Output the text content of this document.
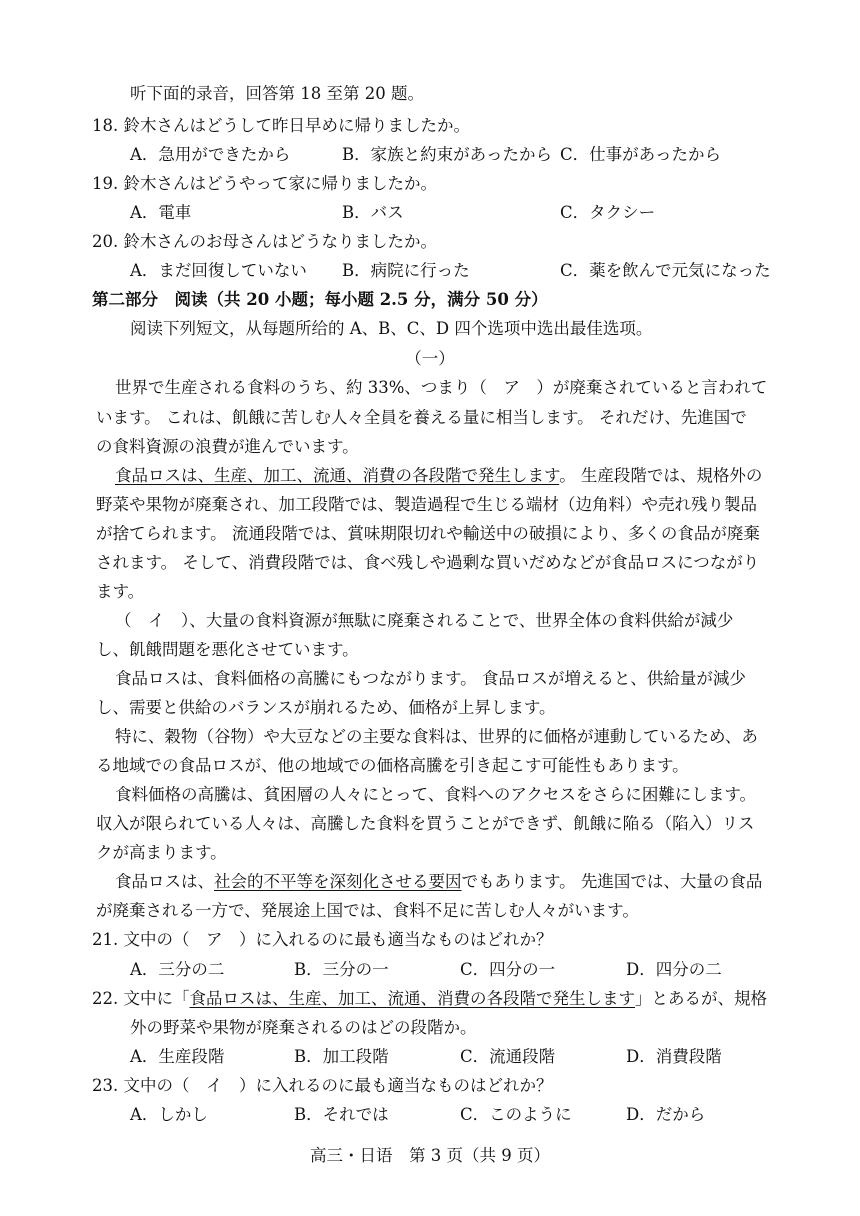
听下面的录音，回答第 18 至第 20 题。
18. 鈴木さんはどうして昨日早めに帰りましたか。
A．急用ができたから	B．家族と約束があったから C．仕事があったから
19. 鈴木さんはどうやって家に帰りましたか。
A．電車	B．バス	C．タクシー
20. 鈴木さんのお母さんはどうなりましたか。
A．まだ回復していない B．病院に行った	C．薬を飲んで元気になった
第二部分　阅读（共 20 小题；每小题 2.5 分，满分 50 分）
阅读下列短文，从每题所给的 A、B、C、D 四个选项中选出最佳选项。
（一）
世界で生産される食料のうち、約 33%、つまり（　ア　）が廃棄されていると言われて
います。 これは、飢餓に苦しむ人々全員を養える量に相当します。 それだけ、先進国で
の食料資源の浪費が進んでいます。
食品ロスは、生産、加工、流通、消費の各段階で発生します。 生産段階では、規格外の
野菜や果物が廃棄され、加工段階では、製造過程で生じる端材（边角料）や売れ残り製品
が捨てられます。 流通段階では、賞味期限切れや輸送中の破損により、多くの食品が廃棄
されます。 そして、消費段階では、食べ残しや過剰な買いだめなどが食品ロスにつながり
ます。
（　イ　）、大量の食料資源が無駄に廃棄されることで、世界全体の食料供給が減少
し、飢餓問題を悪化させています。
食品ロスは、食料価格の高騰にもつながります。 食品ロスが増えると、供給量が減少
し、需要と供給のバランスが崩れるため、価格が上昇します。
特に、穀物（谷物）や大豆などの主要な食料は、世界的に価格が連動しているため、あ
る地域での食品ロスが、他の地域での価格高騰を引き起こす可能性もあります。
食料価格の高騰は、貧困層の人々にとって、食料へのアクセスをさらに困難にします。
収入が限られている人々は、高騰した食料を買うことができず、飢餓に陥る（陷入）リス
クが高まります。
食品ロスは、社会的不平等を深刻化させる要因でもあります。 先進国では、大量の食品
が廃棄される一方で、発展途上国では、食料不足に苦しむ人々がいます。
21. 文中の（　ア　）に入れるのに最も適当なものはどれか？
A．三分の二	B．三分の一	C．四分の一	D．四分の二
22. 文中に「食品ロスは、生産、加工、流通、消費の各段階で発生します」とあるが、規格
外の野菜や果物が廃棄されるのはどの段階か。
A．生産段階	B．加工段階	C．流通段階	D．消費段階
23. 文中の（　イ　）に入れるのに最も適当なものはどれか？
A．しかし	B．それでは	C．このように	D．だから
高三・日语　第 3 页（共 9 页）
